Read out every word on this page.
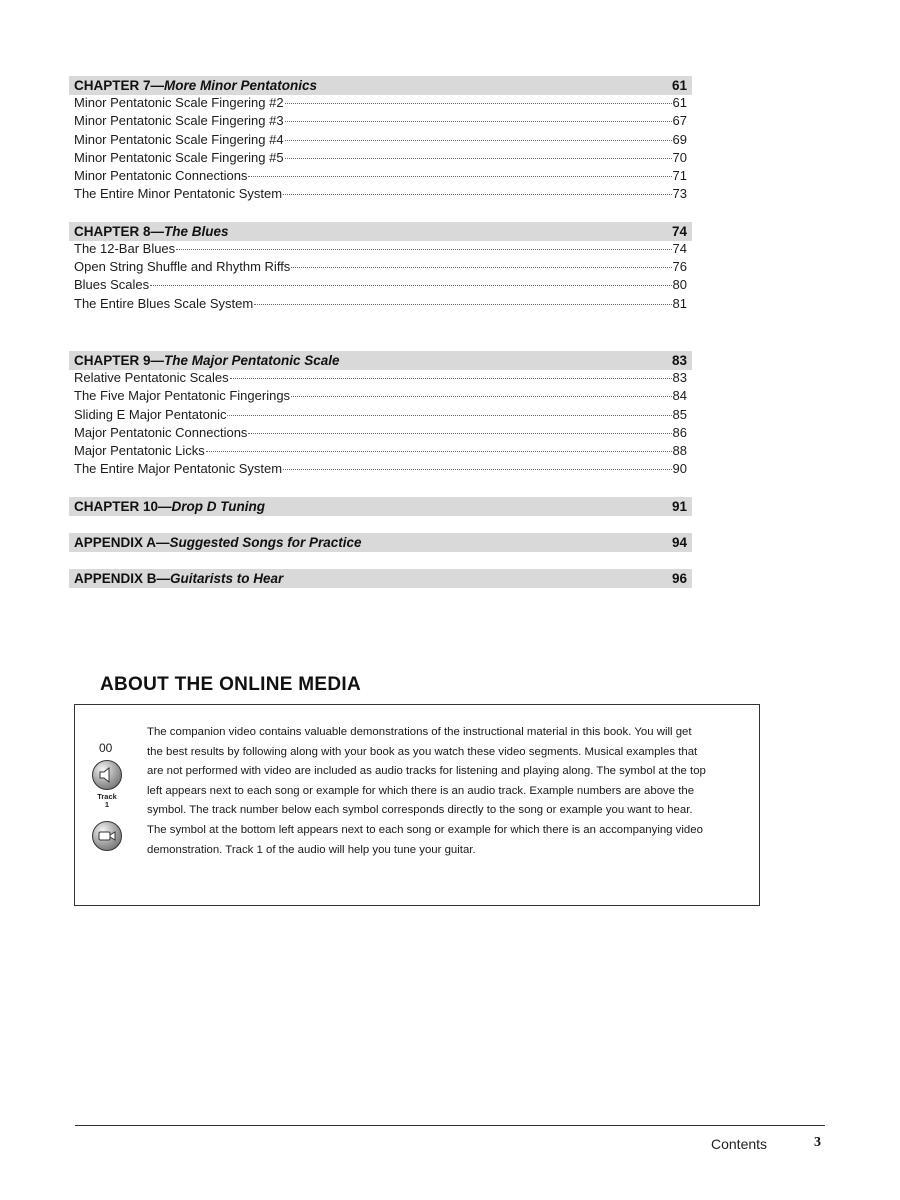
CHAPTER 7—More Minor Pentatonics	61
Minor Pentatonic Scale Fingering #2	61
Minor Pentatonic Scale Fingering #3	67
Minor Pentatonic Scale Fingering #4	69
Minor Pentatonic Scale Fingering #5	70
Minor Pentatonic Connections	71
The Entire Minor Pentatonic System	73
CHAPTER 8—The Blues	74
The 12-Bar Blues	74
Open String Shuffle and Rhythm Riffs	76
Blues Scales	80
The Entire Blues Scale System	81
CHAPTER 9—The Major Pentatonic Scale	83
Relative Pentatonic Scales	83
The Five Major Pentatonic Fingerings	84
Sliding E Major Pentatonic	85
Major Pentatonic Connections	86
Major Pentatonic Licks	88
The Entire Major Pentatonic System	90
CHAPTER 10—Drop D Tuning	91
APPENDIX A—Suggested Songs for Practice	94
APPENDIX B—Guitarists to Hear	96
ABOUT THE ONLINE MEDIA
00
Track
1
The companion video contains valuable demonstrations of the instructional material in this book. You will get the best results by following along with your book as you watch these video segments. Musical examples that are not performed with video are included as audio tracks for listening and playing along. The symbol at the top left appears next to each song or example for which there is an audio track. Example numbers are above the symbol. The track number below each symbol corresponds directly to the song or example you want to hear. The symbol at the bottom left appears next to each song or example for which there is an accompanying video demonstration. Track 1 of the audio will help you tune your guitar.
Contents	3
